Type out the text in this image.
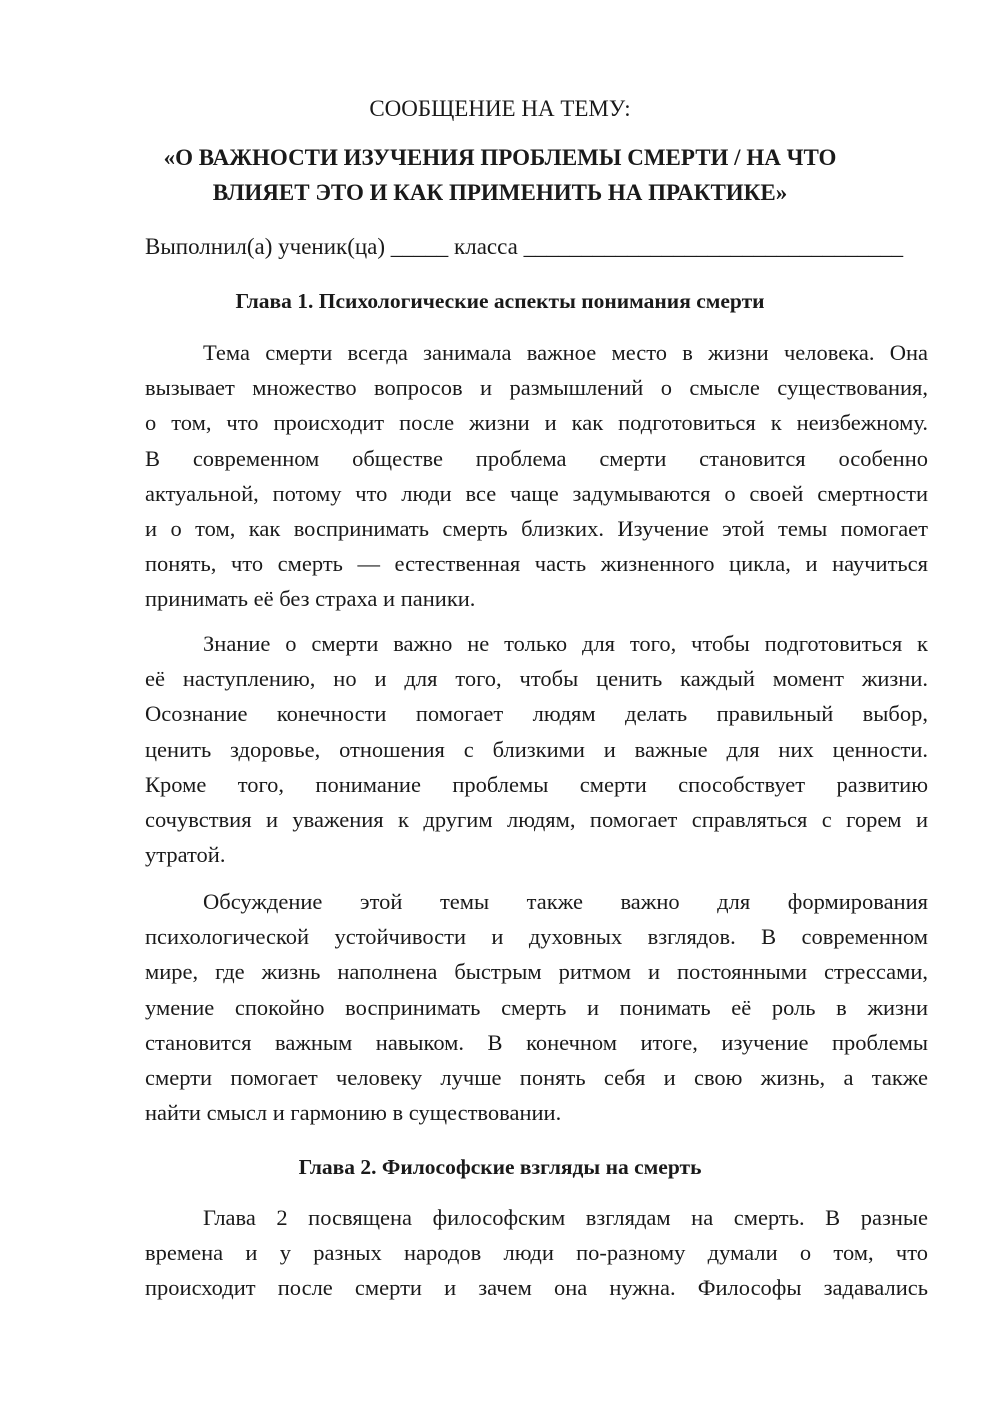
СООБЩЕНИЕ НА ТЕМУ:
«О ВАЖНОСТИ ИЗУЧЕНИЯ ПРОБЛЕМЫ СМЕРТИ / НА ЧТО
ВЛИЯЕТ ЭТО И КАК ПРИМЕНИТЬ НА ПРАКТИКЕ»
Выполнил(а) ученик(ца) _____ класса _________________________________
Глава 1. Психологические аспекты понимания смерти
Тема смерти всегда занимала важное место в жизни человека. Она
вызывает множество вопросов и размышлений о смысле существования,
о том, что происходит после жизни и как подготовиться к неизбежному.
В современном обществе проблема смерти становится особенно
актуальной, потому что люди все чаще задумываются о своей смертности
и о том, как воспринимать смерть близких. Изучение этой темы помогает
понять, что смерть — естественная часть жизненного цикла, и научиться
принимать её без страха и паники.
Знание о смерти важно не только для того, чтобы подготовиться к
её наступлению, но и для того, чтобы ценить каждый момент жизни.
Осознание конечности помогает людям делать правильный выбор,
ценить здоровье, отношения с близкими и важные для них ценности.
Кроме того, понимание проблемы смерти способствует развитию
сочувствия и уважения к другим людям, помогает справляться с горем и
утратой.
Обсуждение этой темы также важно для формирования
психологической устойчивости и духовных взглядов. В современном
мире, где жизнь наполнена быстрым ритмом и постоянными стрессами,
умение спокойно воспринимать смерть и понимать её роль в жизни
становится важным навыком. В конечном итоге, изучение проблемы
смерти помогает человеку лучше понять себя и свою жизнь, а также
найти смысл и гармонию в существовании.
Глава 2. Философские взгляды на смерть
Глава 2 посвящена философским взглядам на смерть. В разные
времена и у разных народов люди по-разному думали о том, что
происходит после смерти и зачем она нужна. Философы задавались
